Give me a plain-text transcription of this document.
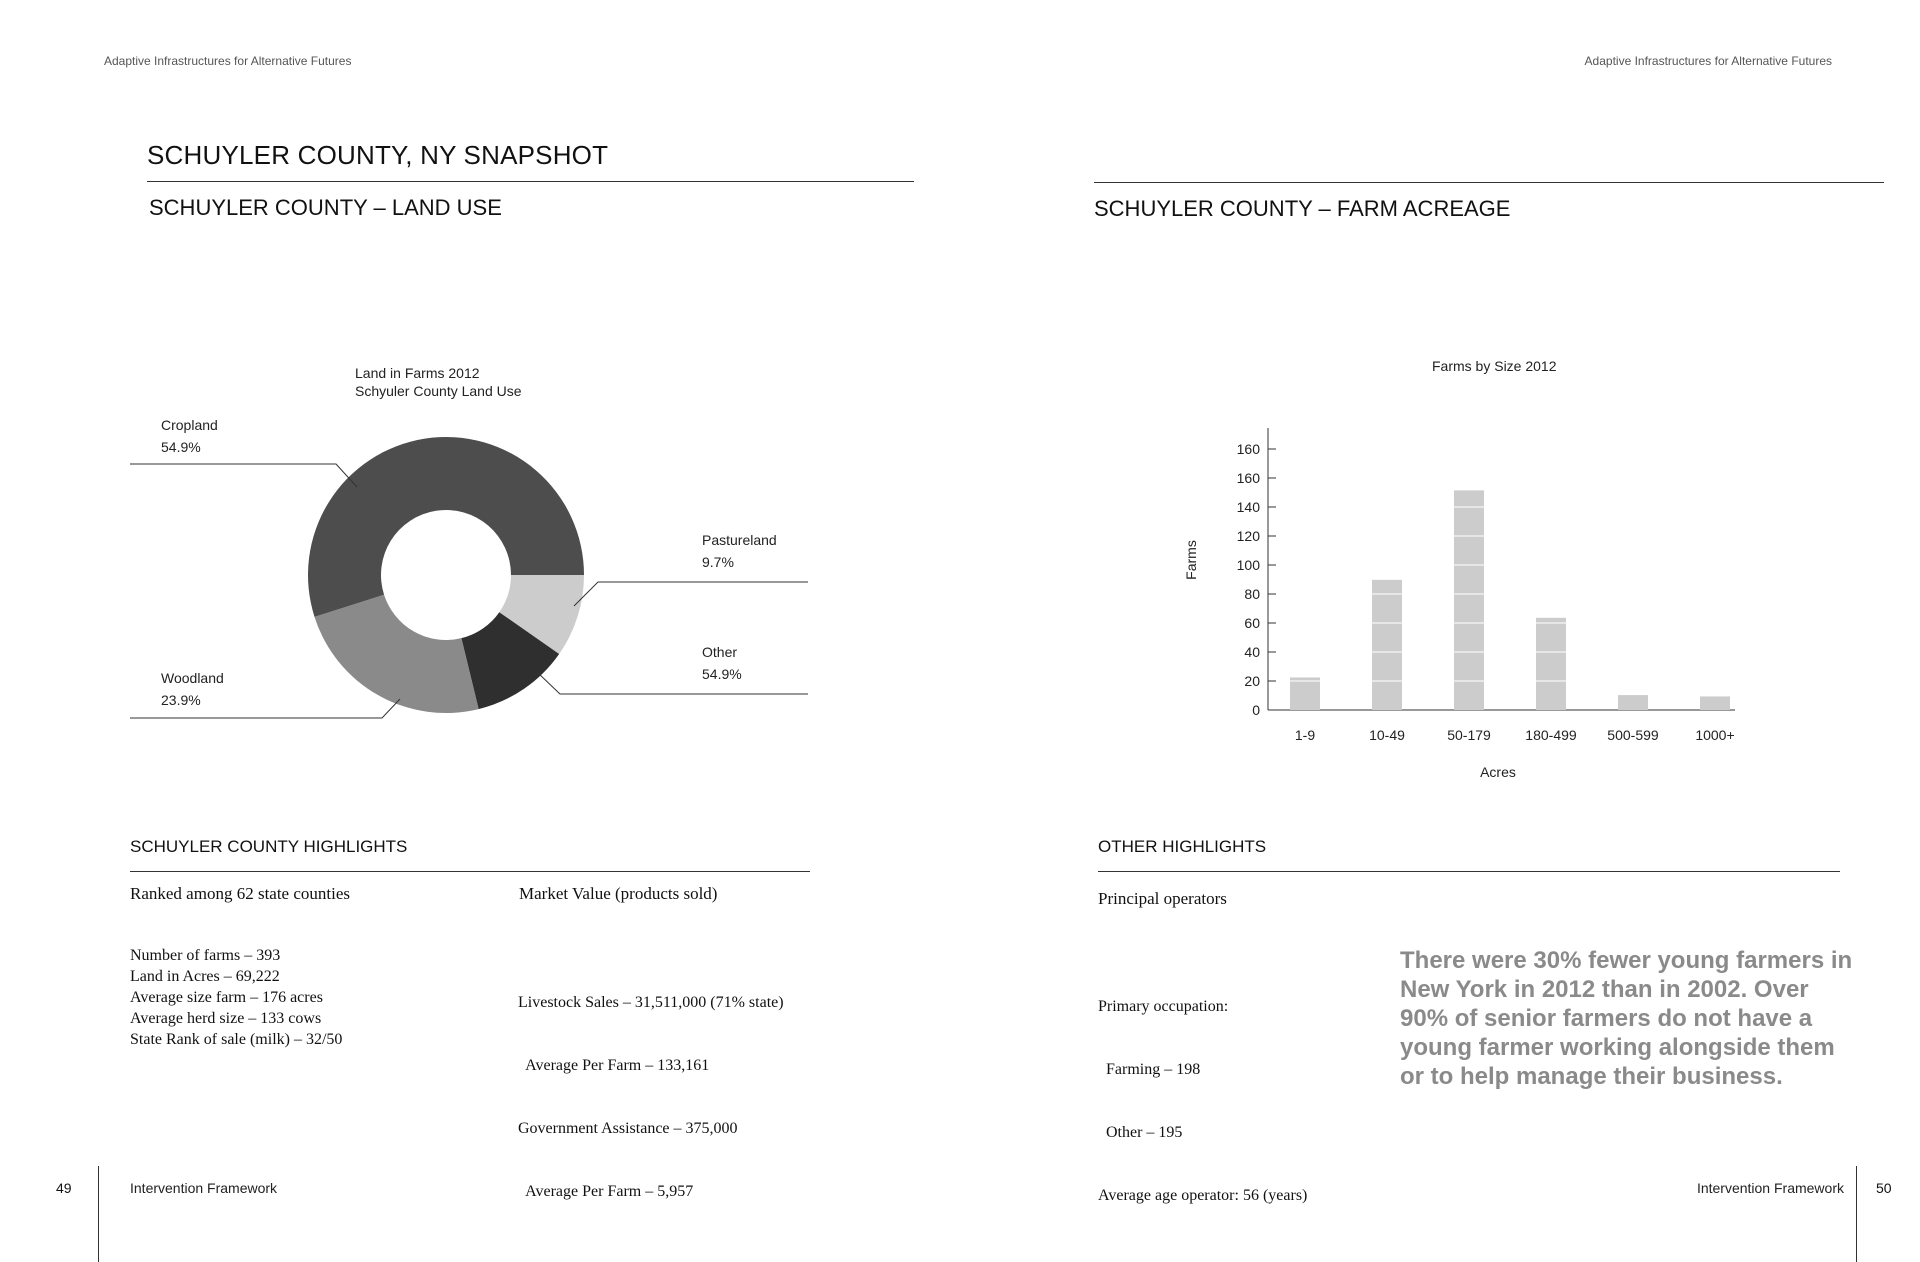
Adaptive Infrastructures for Alternative Futures	Adaptive Infrastructures for Alternative Futures
SCHUYLER COUNTY, NY SNAPSHOT
SCHUYLER COUNTY – LAND USE	SCHUYLER COUNTY – FARM ACREAGE
Land in Farms 2012
Schyuler County Land Use
Cropland
54.9%
Pastureland
9.7%
Other
54.9%
Woodland
23.9%
Farms by Size 2012
0
20
40
60
80
100
120
140
160
160
1-9	10-49	50-179 180-499 500-599	1000+
Acres
Farms
SCHUYLER COUNTY HIGHLIGHTS
Ranked among 62 state counties	Market Value (products sold)
Number of farms – 393
Land in Acres – 69,222
Average size farm – 176 acres
Average herd size – 133 cows
State Rank of sale (milk) – 32/50

Livestock Sales – 31,511,000 (71% state)

Average Per Farm – 133,161

Government Assistance – 375,000

Average Per Farm – 5,957

OTHER HIGHLIGHTS
Principal operators

Primary occupation:

Farming – 198

Other – 195

Average age operator: 56 (years)

There were 30% fewer young farmers in New York in 2012 than in 2002. Over 90% of senior farmers do not have a young farmer working alongside them or to help manage their business.
49	Intervention Framework	Intervention Framework 50
